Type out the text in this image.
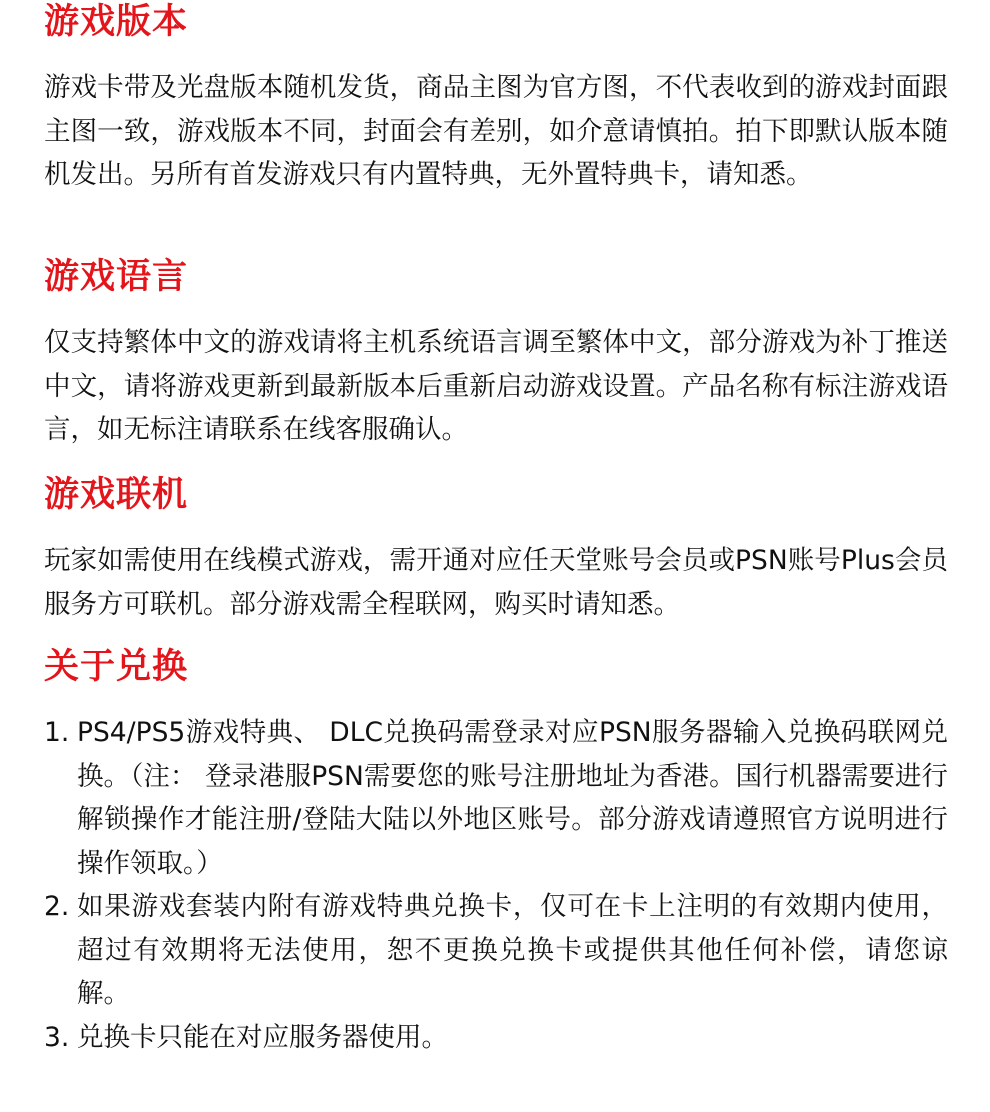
游戏版本

游戏卡带及光盘版本随机发货，商品主图为官方图，不代表收到的游戏封面跟主图一致，游戏版本不同，封面会有差别，如介意请慎拍。拍下即默认版本随机发出。另所有首发游戏只有内置特典，无外置特典卡，请知悉。

游戏语言

仅支持繁体中文的游戏请将主机系统语言调至繁体中文，部分游戏为补丁推送中文，请将游戏更新到最新版本后重新启动游戏设置。产品名称有标注游戏语言，如无标注请联系在线客服确认。

游戏联机

玩家如需使用在线模式游戏，需开通对应任天堂账号会员或PSN账号Plus会员服务方可联机。部分游戏需全程联网，购买时请知悉。

关于兑换
1. PS4/PS5游戏特典、 DLC兑换码需登录对应PSN服务器输入兑换码联网兑换。（注： 登录港服PSN需要您的账号注册地址为香港。国行机器需要进行解锁操作才能注册/登陆大陆以外地区账号。部分游戏请遵照官方说明进行操作领取。）
2. 如果游戏套装内附有游戏特典兑换卡，仅可在卡上注明的有效期内使用，超过有效期将无法使用，恕不更换兑换卡或提供其他任何补偿，请您谅解。
3. 兑换卡只能在对应服务器使用。
